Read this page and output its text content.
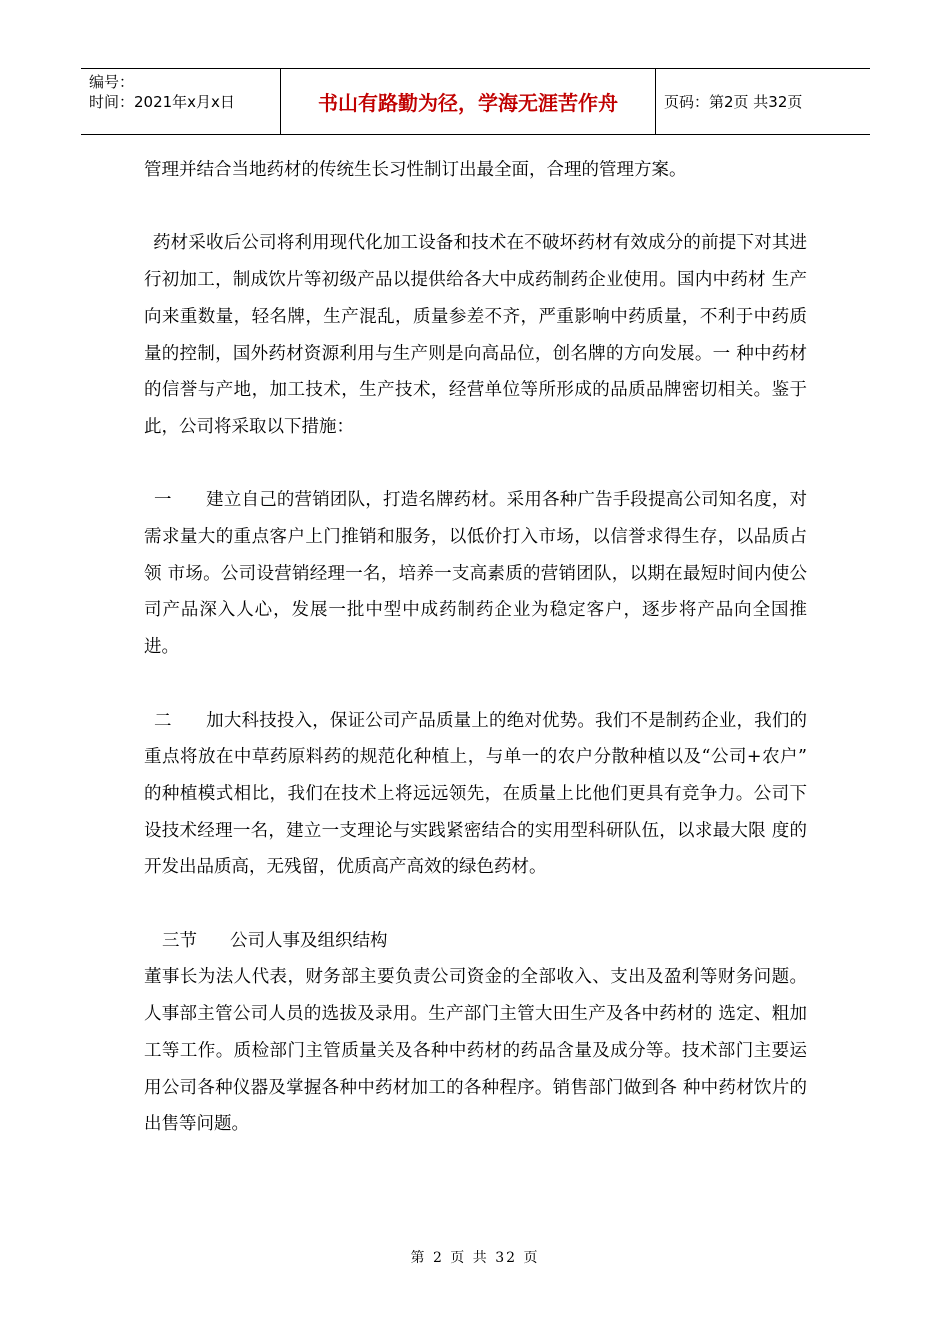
编号：
时间：2021年x月x日	书山有路勤为径，学海无涯苦作舟	页码：第2页 共32页

管理并结合当地药材的传统生长习性制订出最全面，合理的管理方案。

药材采收后公司将利用现代化加工设备和技术在不破坏药材有效成分的前提下对其进行初加工，制成饮片等初级产品以提供给各大中成药制药企业使用。国内中药材 生产向来重数量，轻名牌，生产混乱，质量参差不齐，严重影响中药质量，不利于中药质量的控制，国外药材资源利用与生产则是向高品位，创名牌的方向发展。一 种中药材的信誉与产地，加工技术，生产技术，经营单位等所形成的品质品牌密切相关。鉴于此，公司将采取以下措施：

一 建立自己的营销团队，打造名牌药材。采用各种广告手段提高公司知名度，对需求量大的重点客户上门推销和服务，以低价打入市场，以信誉求得生存，以品质占领 市场。公司设营销经理一名，培养一支高素质的营销团队，以期在最短时间内使公司产品深入人心，发展一批中型中成药制药企业为稳定客户，逐步将产品向全国推 进。

二 加大科技投入，保证公司产品质量上的绝对优势。我们不是制药企业，我们的重点将放在中草药原料药的规范化种植上，与单一的农户分散种植以及“公司+农户” 的种植模式相比，我们在技术上将远远领先，在质量上比他们更具有竞争力。公司下设技术经理一名，建立一支理论与实践紧密结合的实用型科研队伍，以求最大限 度的开发出品质高，无残留，优质高产高效的绿色药材。

三节 公司人事及组织结构

董事长为法人代表，财务部主要负责公司资金的全部收入、支出及盈利等财务问题。人事部主管公司人员的选拔及录用。生产部门主管大田生产及各中药材的 选定、粗加工等工作。质检部门主管质量关及各种中药材的药品含量及成分等。技术部门主要运用公司各种仪器及掌握各种中药材加工的各种程序。销售部门做到各 种中药材饮片的 出售等问题。

第 2 页 共 32 页
